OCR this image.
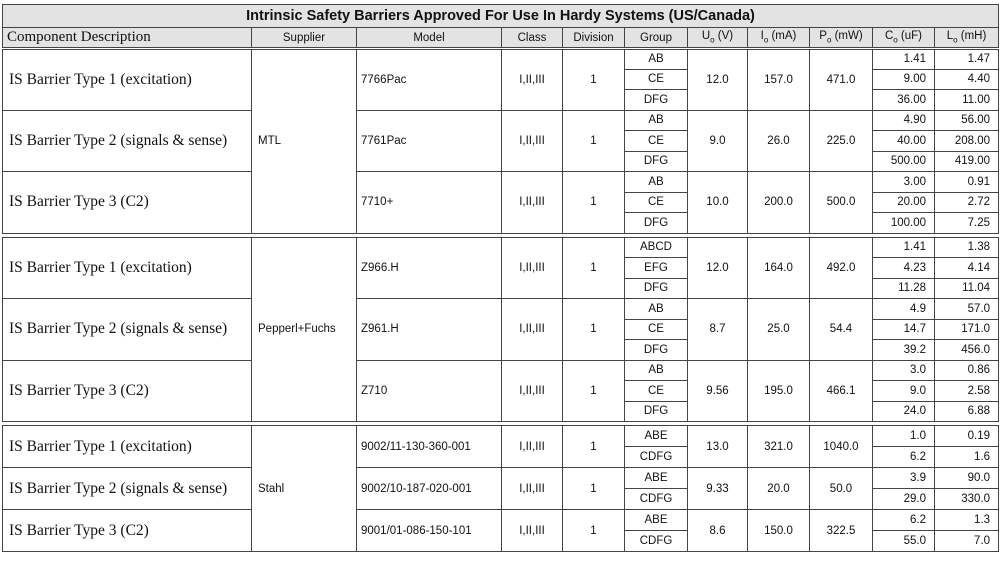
Intrinsic Safety Barriers Approved For Use In Hardy Systems (US/Canada)										
Component Description	Supplier	Model	Class	Division	Group	$U_o$ (V)	$I_o$ (mA)	$P_o$ (mW)	$C_o$ (uF)	$L_o$ (mH)
IS Barrier Type 1 (excitation)	MTL	7766Pac	I,II,III	1	AB	12.0	157.0	471.0	1.41	1.47
					CE				9.00	4.40
					DFG				36.00	11.00
IS Barrier Type 2 (signals & sense)		7761Pac	I,II,III	1	AB	9.0	26.0	225.0	4.90	56.00
					CE				40.00	208.00
					DFG				500.00	419.00
IS Barrier Type 3 (C2)		7710+	I,II,III	1	AB	10.0	200.0	500.0	3.00	0.91
					CE				20.00	2.72
					DFG				100.00	7.25

IS Barrier Type 1 (excitation)	Pepperl+Fuchs	Z966.H	I,II,III	1	ABCD	12.0	164.0	492.0	1.41	1.38
					EFG				4.23	4.14
					DFG				11.28	11.04
IS Barrier Type 2 (signals & sense)		Z961.H	I,II,III	1	AB	8.7	25.0	54.4	4.9	57.0
					CE				14.7	171.0
					DFG				39.2	456.0
IS Barrier Type 3 (C2)		Z710	I,II,III	1	AB	9.56	195.0	466.1	3.0	0.86
					CE				9.0	2.58
					DFG				24.0	6.88

IS Barrier Type 1 (excitation)	Stahl	9002/11-130-360-001	I,II,III	1	ABE	13.0	321.0	1040.0	1.0	0.19
					CDFG				6.2	1.6
IS Barrier Type 2 (signals & sense)		9002/10-187-020-001	I,II,III	1	ABE	9.33	20.0	50.0	3.9	90.0
					CDFG				29.0	330.0
IS Barrier Type 3 (C2)		9001/01-086-150-101	I,II,III	1	ABE	8.6	150.0	322.5	6.2	1.3
					CDFG				55.0	7.0
